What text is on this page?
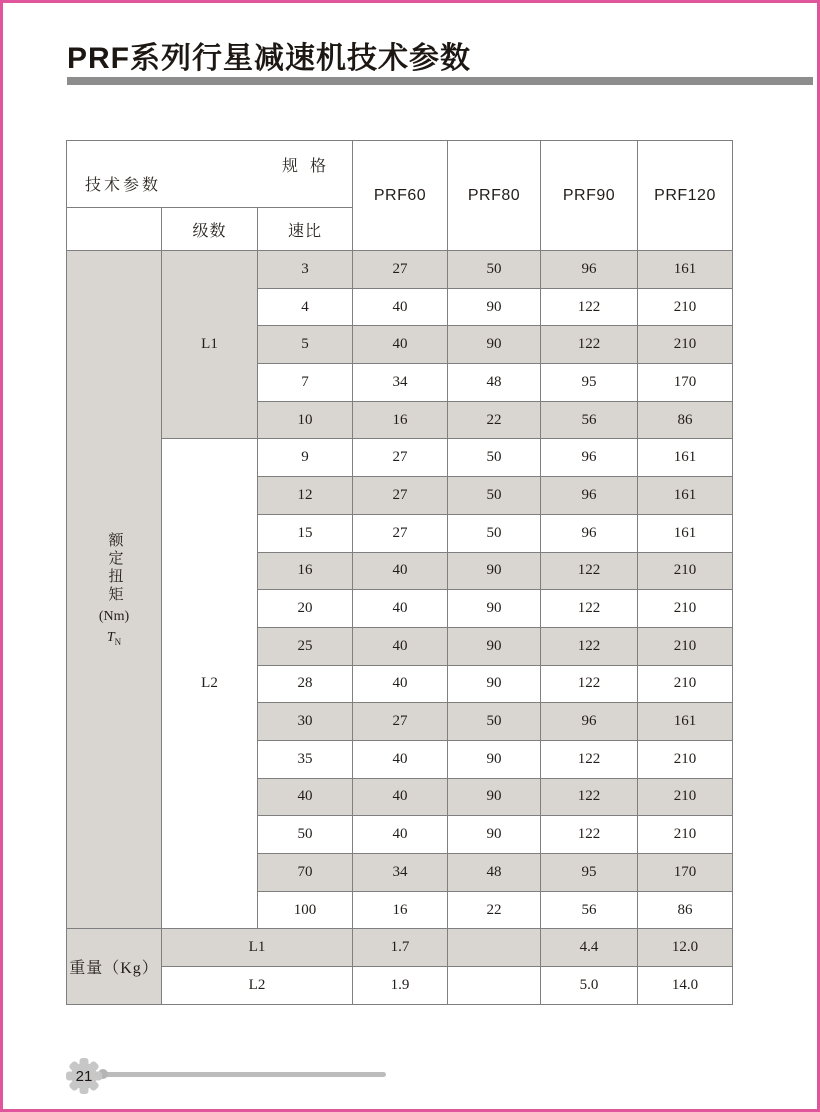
PRF系列行星减速机技术参数
规 格
技术参数			PRF60	PRF80	PRF90	PRF120
	级数	速比				

额定扭矩
(Nm)
$T_N$	L1	3	27	50	96	161
		4	40	90	122	210
		5	40	90	122	210
		7	34	48	95	170
		10	16	22	56	86
	L2	9	27	50	96	161
		12	27	50	96	161
		15	27	50	96	161
		16	40	90	122	210
		20	40	90	122	210
		25	40	90	122	210
		28	40	90	122	210
		30	27	50	96	161
		35	40	90	122	210
		40	40	90	122	210
		50	40	90	122	210
		70	34	48	95	170
		100	16	22	56	86
重量（Kg）	L1		1.7		4.4	12.0
	L2		1.9		5.0	14.0
21
